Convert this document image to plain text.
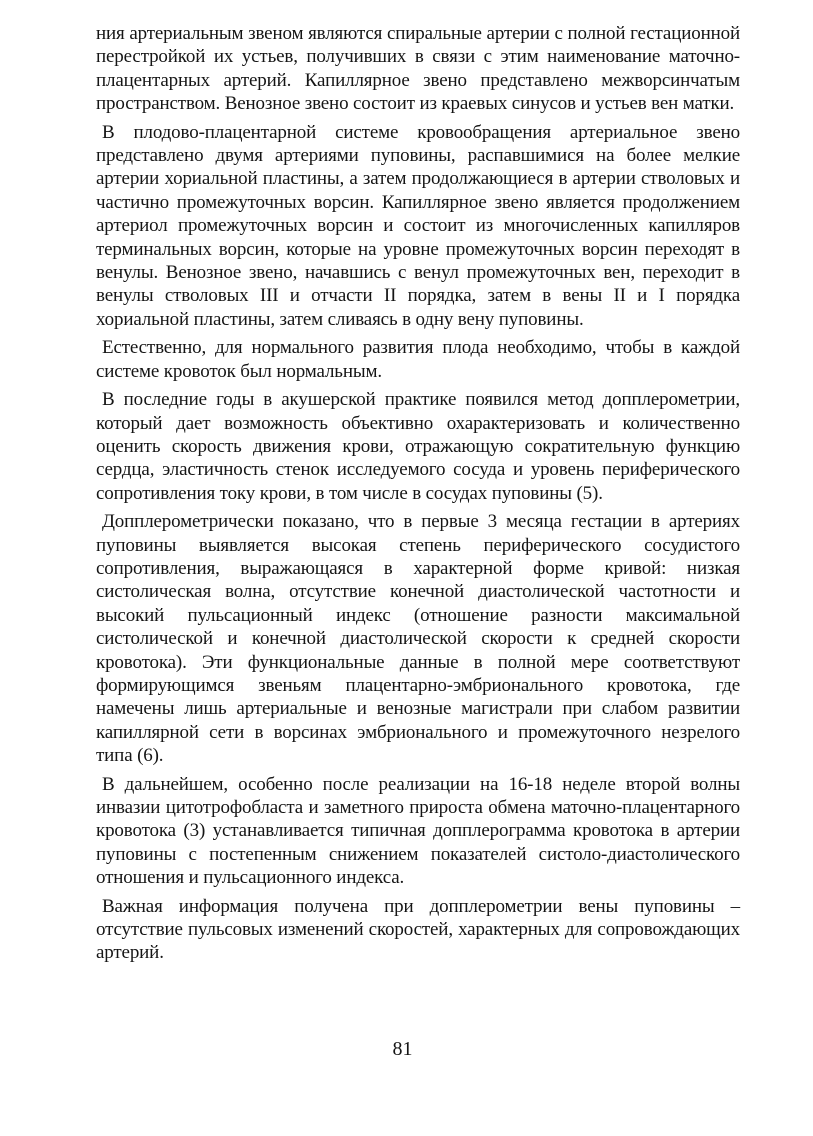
ния артериальным звеном являются спиральные артерии с полной гестационной перестройкой их устьев, получивших в связи с этим наименование маточно-плацентарных артерий. Капиллярное звено представлено межворсинчатым пространством. Венозное звено состоит из краевых синусов и устьев вен матки.

В плодово-плацентарной системе кровообращения артериальное звено представлено двумя артериями пуповины, распавшимися на более мелкие артерии хориальной пластины, а затем продолжающиеся в артерии стволовых и частично промежуточных ворсин. Капиллярное звено является продолжением артериол промежуточных ворсин и состоит из многочисленных капилляров терминальных ворсин, которые на уровне промежуточных ворсин переходят в венулы. Венозное звено, начавшись с венул промежуточных вен, переходит в венулы стволовых III и отчасти II порядка, затем в вены II и I порядка хориальной пластины, затем сливаясь в одну вену пуповины.

Естественно, для нормального развития плода необходимо, чтобы в каждой системе кровоток был нормальным.

В последние годы в акушерской практике появился метод допплерометрии, который дает возможность объективно охарактеризовать и количественно оценить скорость движения крови, отражающую сократительную функцию сердца, эластичность стенок исследуемого сосуда и уровень периферического сопротивления току крови, в том числе в сосудах пуповины (5).

Допплерометрически показано, что в первые 3 месяца гестации в артериях пуповины выявляется высокая степень периферического сосудистого сопротивления, выражающаяся в характерной форме кривой: низкая систолическая волна, отсутствие конечной диастолической частотности и высокий пульсационный индекс (отношение разности максимальной систолической и конечной диастолической скорости к средней скорости кровотока). Эти функциональные данные в полной мере соответствуют формирующимся звеньям плацентарно-эмбрионального кровотока, где намечены лишь артериальные и венозные магистрали при слабом развитии капиллярной сети в ворсинах эмбрионального и промежуточного незрелого типа (6).

В дальнейшем, особенно после реализации на 16-18 неделе второй волны инвазии цитотрофобласта и заметного прироста обмена маточно-плацентарного кровотока (3) устанавливается типичная допплерограмма кровотока в артерии пуповины с постепенным снижением показателей систоло-диастолического отношения и пульсационного индекса.

Важная информация получена при допплерометрии вены пуповины – отсутствие пульсовых изменений скоростей, характерных для сопровождающих артерий.

81
